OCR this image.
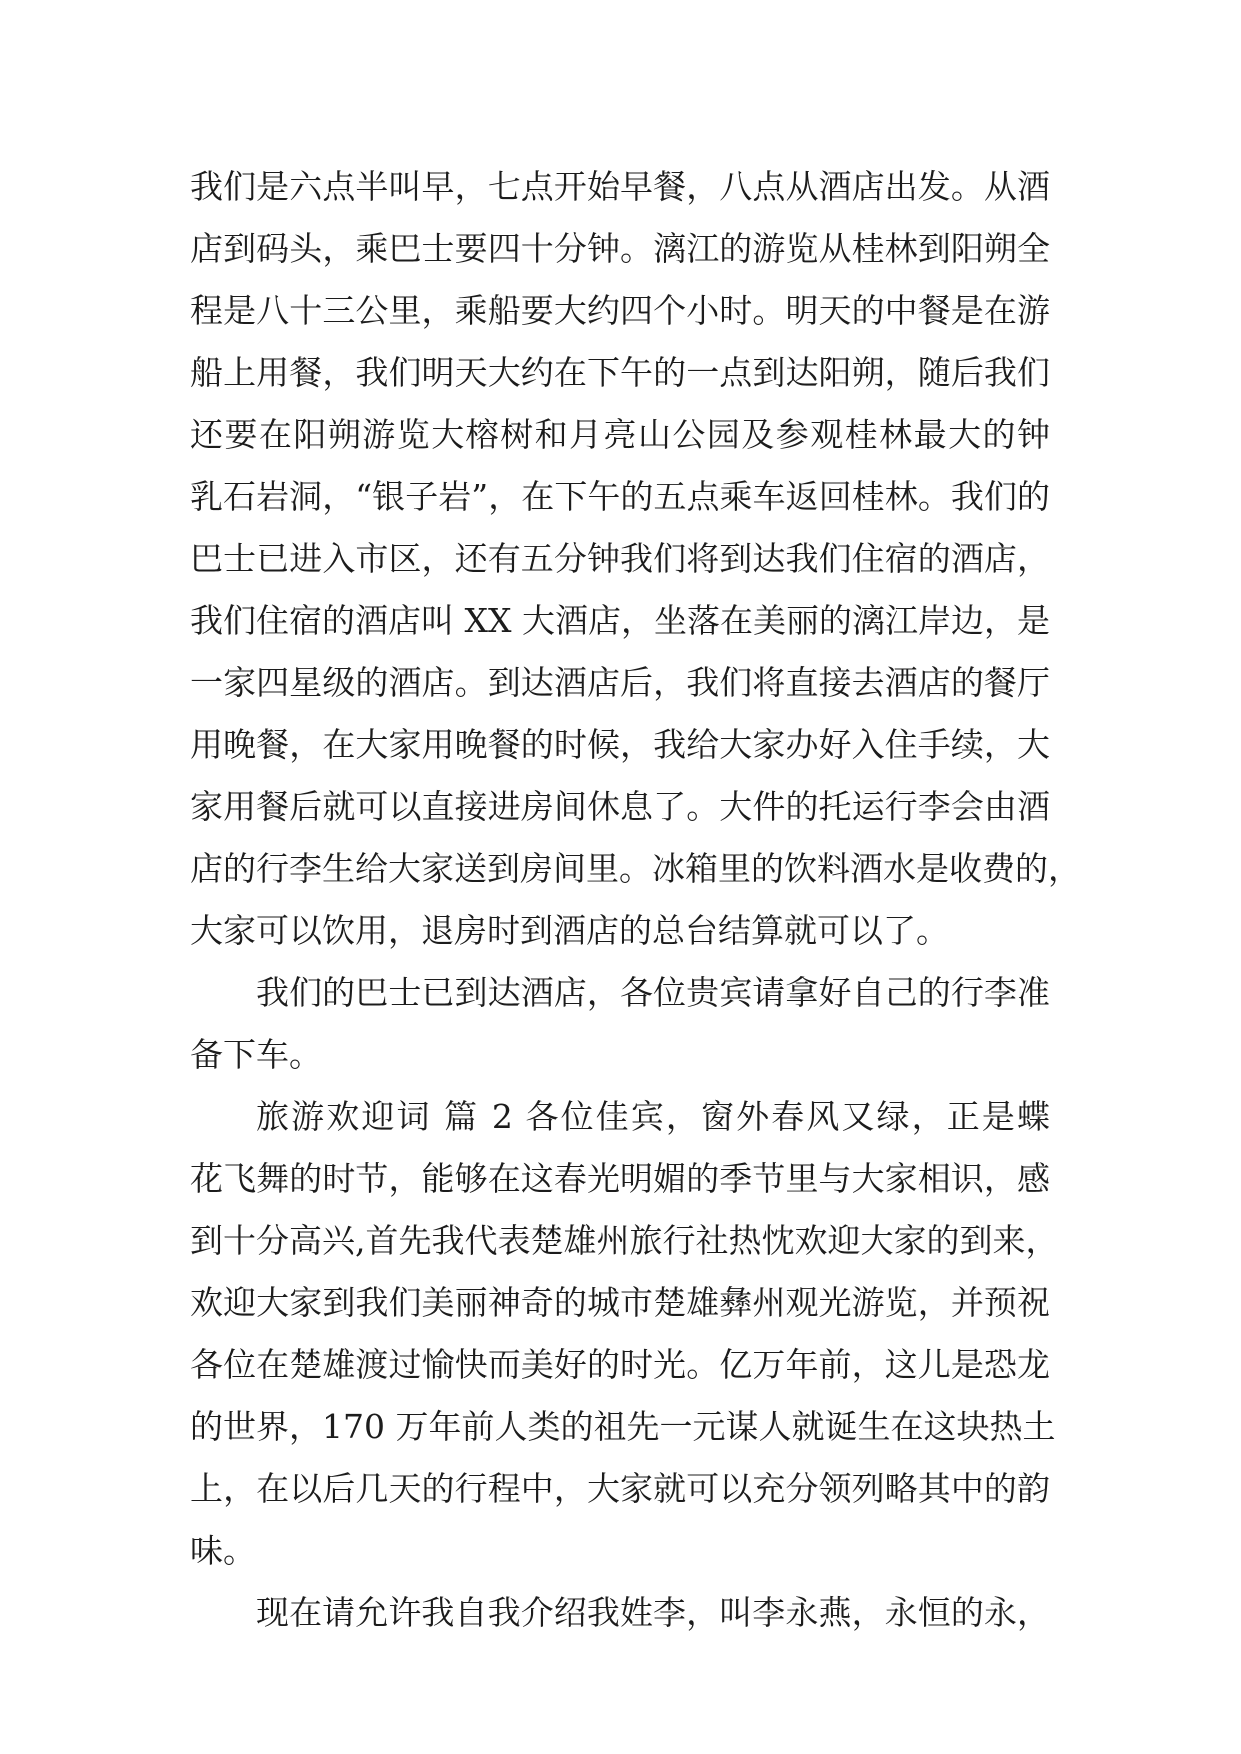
我们是六点半叫早，七点开始早餐，八点从酒店出发。从酒
店到码头，乘巴士要四十分钟。漓江的游览从桂林到阳朔全
程是八十三公里，乘船要大约四个小时。明天的中餐是在游
船上用餐，我们明天大约在下午的一点到达阳朔，随后我们
还要在阳朔游览大榕树和月亮山公园及参观桂林最大的钟
乳石岩洞，“银子岩”，在下午的五点乘车返回桂林。我们的
巴士已进入市区，还有五分钟我们将到达我们住宿的酒店，
我们住宿的酒店叫 XX 大酒店，坐落在美丽的漓江岸边，是
一家四星级的酒店。到达酒店后，我们将直接去酒店的餐厅
用晚餐，在大家用晚餐的时候，我给大家办好入住手续，大
家用餐后就可以直接进房间休息了。大件的托运行李会由酒
店的行李生给大家送到房间里。冰箱里的饮料酒水是收费的，
大家可以饮用，退房时到酒店的总台结算就可以了。
我们的巴士已到达酒店，各位贵宾请拿好自己的行李准
备下车。
旅游欢迎词 篇 2 各位佳宾，窗外春风又绿，正是蝶
花飞舞的时节，能够在这春光明媚的季节里与大家相识，感
到十分高兴,首先我代表楚雄州旅行社热忱欢迎大家的到来，
欢迎大家到我们美丽神奇的城市楚雄彝州观光游览，并预祝
各位在楚雄渡过愉快而美好的时光。亿万年前，这儿是恐龙
的世界，170 万年前人类的祖先一元谋人就诞生在这块热土
上，在以后几天的行程中，大家就可以充分领列略其中的韵
味。
现在请允许我自我介绍我姓李，叫李永燕，永恒的永，
